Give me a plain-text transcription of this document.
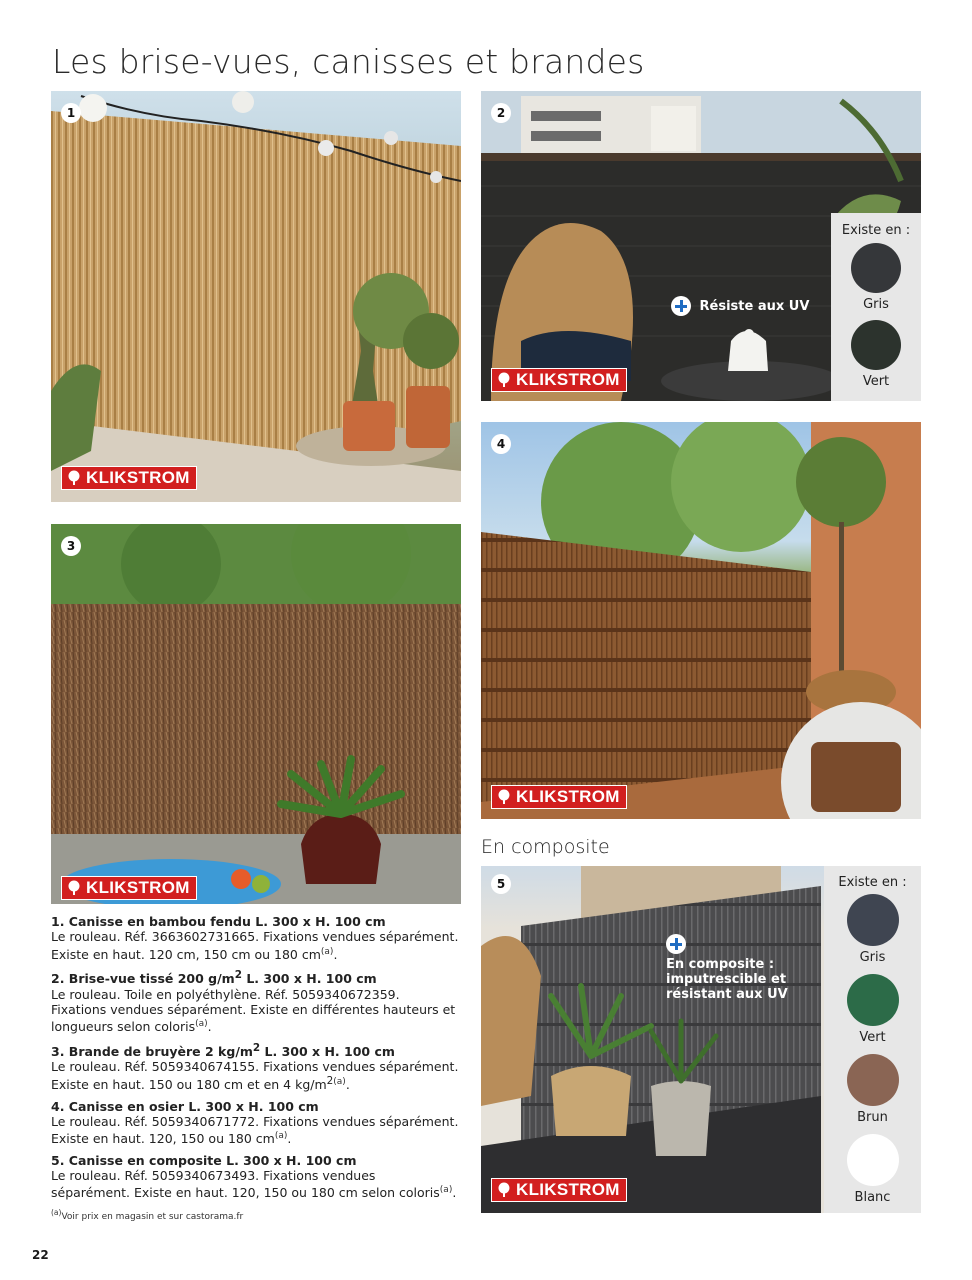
Les brise-vues, canisses et brandes
1
KLIKSTROM
2
Résiste aux UV
KLIKSTROM
Existe en :
Gris
Vert
3
KLIKSTROM
4
KLIKSTROM
En composite
5
En composite :
imputrescible et
résistant aux UV
KLIKSTROM
Existe en :
Gris
Vert
Brun
Blanc
1. Canisse en bambou fendu L. 300 x H. 100 cm
Le rouleau. Réf. 3663602731665. Fixations vendues séparément.
Existe en haut. 120 cm, 150 cm ou 180 cm$^{(a)}$.
2. Brise-vue tissé 200 $g/m^2$ L. 300 x H. 100 cm
Le rouleau. Toile en polyéthylène. Réf. 5059340672359.
Fixations vendues séparément. Existe en différentes hauteurs et
longueurs selon coloris$^{(a)}$.
3. Brande de bruyère 2 $kg/m^2$ L. 300 x H. 100 cm
Le rouleau. Réf. 5059340674155. Fixations vendues séparément.
Existe en haut. 150 ou 180 cm et en 4 kg/m$^{2(a)}$.
4. Canisse en osier L. 300 x H. 100 cm
Le rouleau. Réf. 5059340671772. Fixations vendues séparément.
Existe en haut. 120, 150 ou 180 cm$^{(a)}$.
5. Canisse en composite L. 300 x H. 100 cm
Le rouleau. Réf. 5059340673493. Fixations vendues
séparément. Existe en haut. 120, 150 ou 180 cm selon coloris$^{(a)}$.
$^{(a)}$Voir prix en magasin et sur castorama.fr
22
